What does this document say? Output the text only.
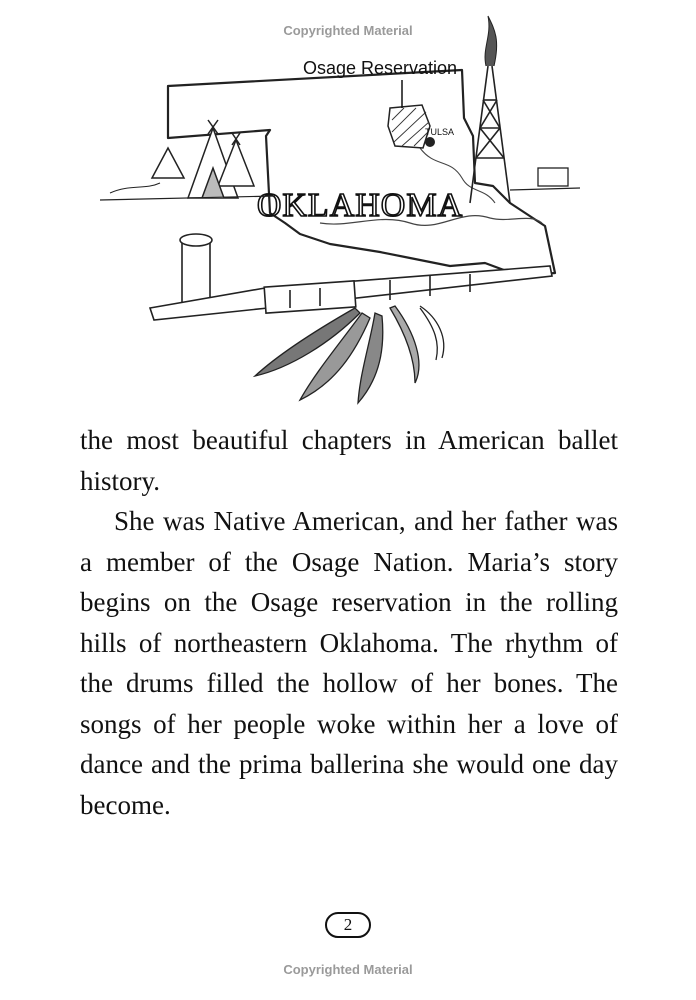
Copyrighted Material
Osage Reservation
TULSA
OKLAHOMA

the most beautiful chapters in American ballet history.

She was Native American, and her father was a member of the Osage Nation. Maria’s story begins on the Osage reservation in the rolling hills of northeastern Oklahoma. The rhythm of the drums filled the hollow of her bones. The songs of her people woke within her a love of dance and the prima ballerina she would one day become.

2
Copyrighted Material
